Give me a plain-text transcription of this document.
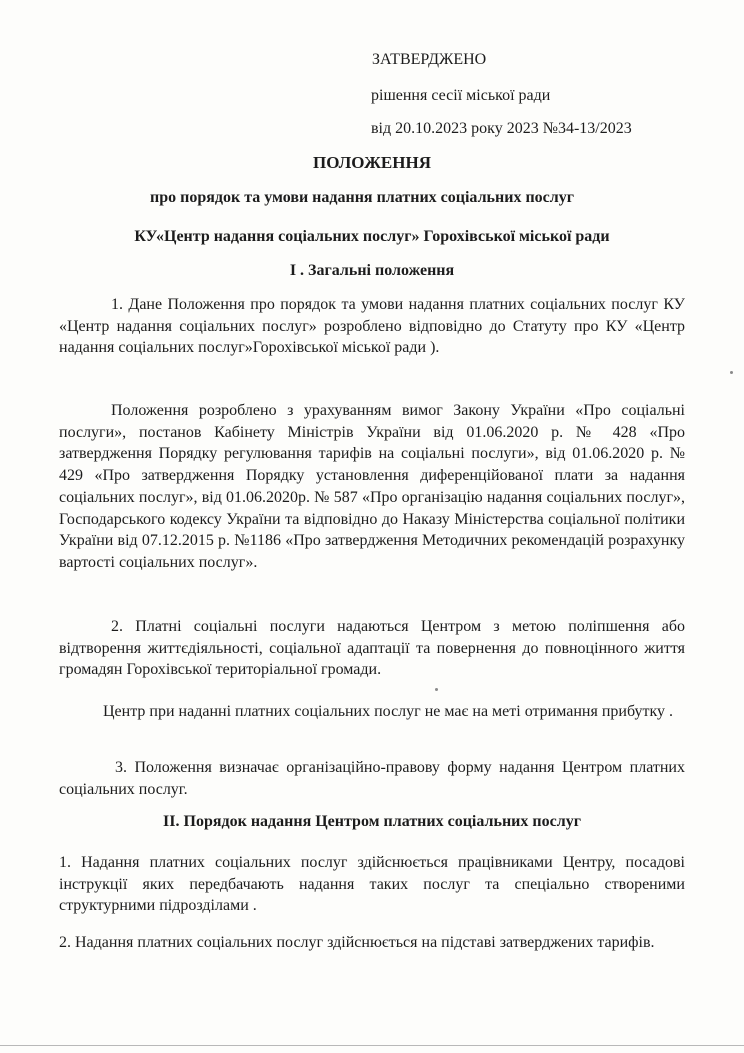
ЗАТВЕРДЖЕНО
рішення сесії міської ради
від 20.10.2023 року 2023 №34-13/2023
ПОЛОЖЕННЯ
про порядок та умови надання платних соціальних послуг
КУ«Центр надання соціальних послуг» Горохівської міської ради
І . Загальні положення
1. Дане Положення про порядок та умови надання платних соціальних послуг КУ «Центр надання соціальних послуг» розроблено відповідно до Статуту про КУ «Центр надання соціальних послуг»Горохівської міської ради ).
Положення розроблено з урахуванням вимог Закону України «Про соціальні послуги», постанов Кабінету Міністрів України від 01.06.2020 р. № 428 «Про затвердження Порядку регулювання тарифів на соціальні послуги», від 01.06.2020 р. № 429 «Про затвердження Порядку установлення диференційованої плати за надання соціальних послуг», від 01.06.2020р. № 587 «Про організацію надання соціальних послуг», Господарського кодексу України та відповідно до Наказу Міністерства соціальної політики України від 07.12.2015 р. №1186 «Про затвердження Методичних рекомендацій розрахунку вартості соціальних послуг».
2. Платні соціальні послуги надаються Центром з метою поліпшення або відтворення життєдіяльності, соціальної адаптації та повернення до повноцінного життя громадян Горохівської територіальної громади.
Центр при наданні платних соціальних послуг не має на меті отримання прибутку .
3. Положення визначає організаційно-правову форму надання Центром платних соціальних послуг.
ІІ. Порядок надання Центром платних соціальних послуг
1. Надання платних соціальних послуг здійснюється працівниками Центру, посадові інструкції яких передбачають надання таких послуг та спеціально створеними структурними підрозділами .
2. Надання платних соціальних послуг здійснюється на підставі затверджених тарифів.
